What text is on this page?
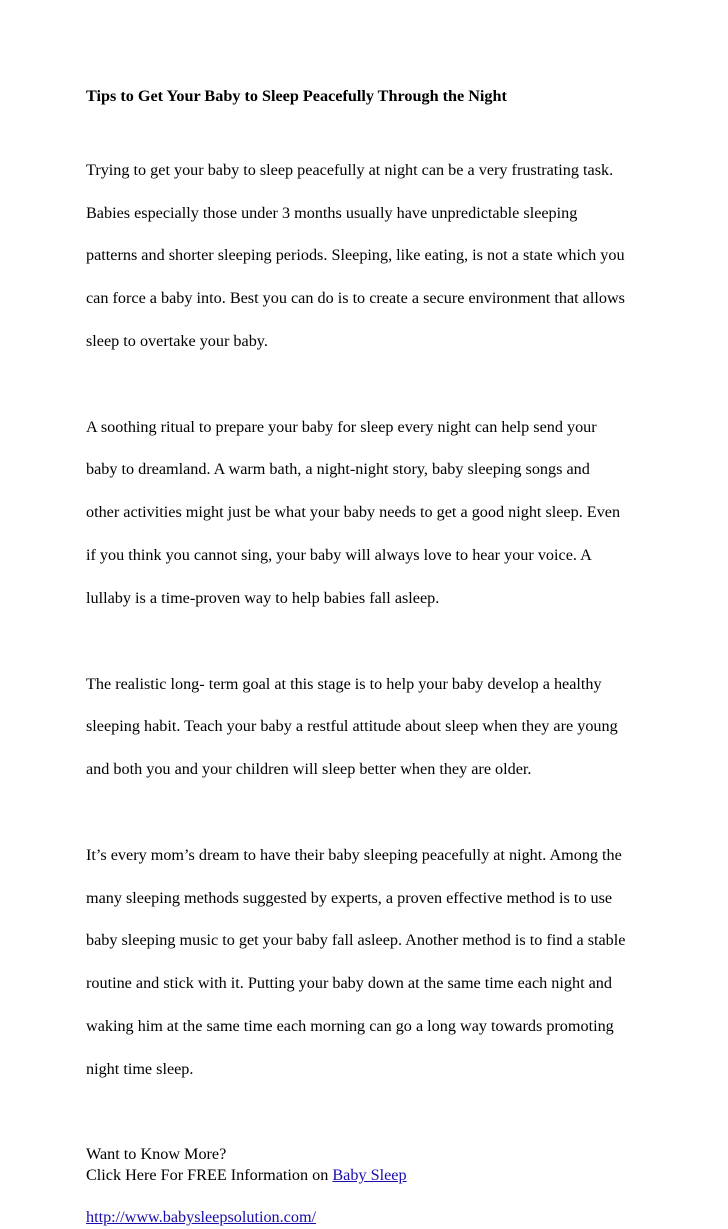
Tips to Get Your Baby to Sleep Peacefully Through the Night

Trying to get your baby to sleep peacefully at night can be a very frustrating task.

Babies especially those under 3 months usually have unpredictable sleeping

patterns and shorter sleeping periods. Sleeping, like eating, is not a state which you

can force a baby into. Best you can do is to create a secure environment that allows

sleep to overtake your baby.

A soothing ritual to prepare your baby for sleep every night can help send your

baby to dreamland. A warm bath, a night-night story, baby sleeping songs and

other activities might just be what your baby needs to get a good night sleep. Even

if you think you cannot sing, your baby will always love to hear your voice. A

lullaby is a time-proven way to help babies fall asleep.

The realistic long- term goal at this stage is to help your baby develop a healthy

sleeping habit. Teach your baby a restful attitude about sleep when they are young

and both you and your children will sleep better when they are older.

It’s every mom’s dream to have their baby sleeping peacefully at night. Among the

many sleeping methods suggested by experts, a proven effective method is to use

baby sleeping music to get your baby fall asleep. Another method is to find a stable

routine and stick with it. Putting your baby down at the same time each night and

waking him at the same time each morning can go a long way towards promoting

night time sleep.

Want to Know More?
Click Here For FREE Information on Baby Sleep
http://www.babysleepsolution.com/
